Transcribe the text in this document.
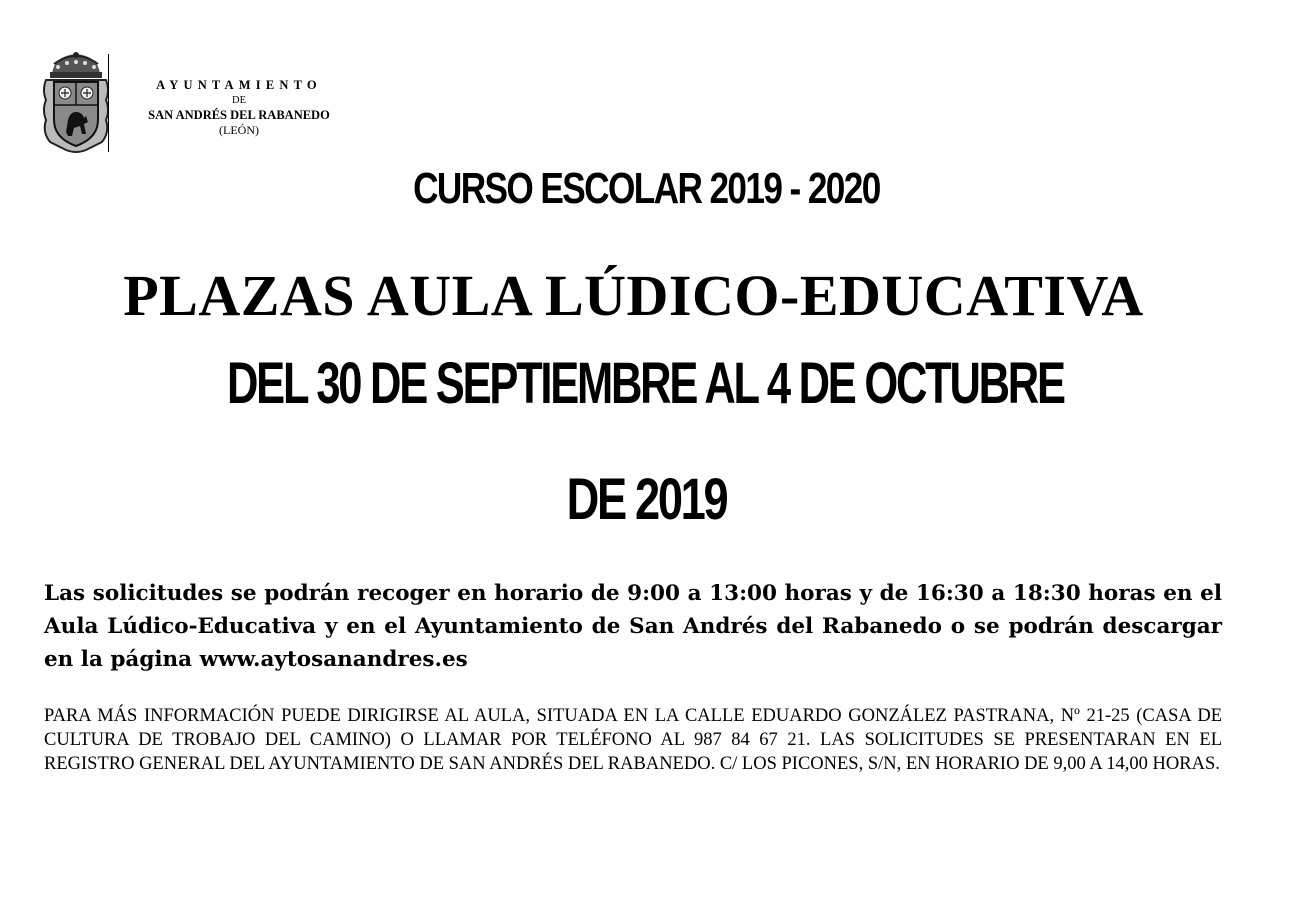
AYUNTAMIENTO
DE
SAN ANDRÉS DEL RABANEDO
(LEÓN)
CURSO ESCOLAR 2019 - 2020
PLAZAS AULA LÚDICO-EDUCATIVA
DEL 30 DE SEPTIEMBRE AL 4 DE OCTUBRE
DE 2019
Las solicitudes se podrán recoger en horario de 9:00 a 13:00 horas y de 16:30 a 18:30 horas en el Aula Lúdico-Educativa y en el Ayuntamiento de San Andrés del Rabanedo o se podrán descargar en la página www.aytosanandres.es
PARA MÁS INFORMACIÓN PUEDE DIRIGIRSE AL AULA, SITUADA EN LA CALLE EDUARDO GONZÁLEZ PASTRANA, Nº 21-25 (CASA DE CULTURA DE TROBAJO DEL CAMINO) O LLAMAR POR TELÉFONO AL 987 84 67 21. LAS SOLICITUDES SE PRESENTARAN EN EL REGISTRO GENERAL DEL AYUNTAMIENTO DE SAN ANDRÉS DEL RABANEDO. C/ LOS PICONES, S/N, EN HORARIO DE 9,00 A 14,00 HORAS.
